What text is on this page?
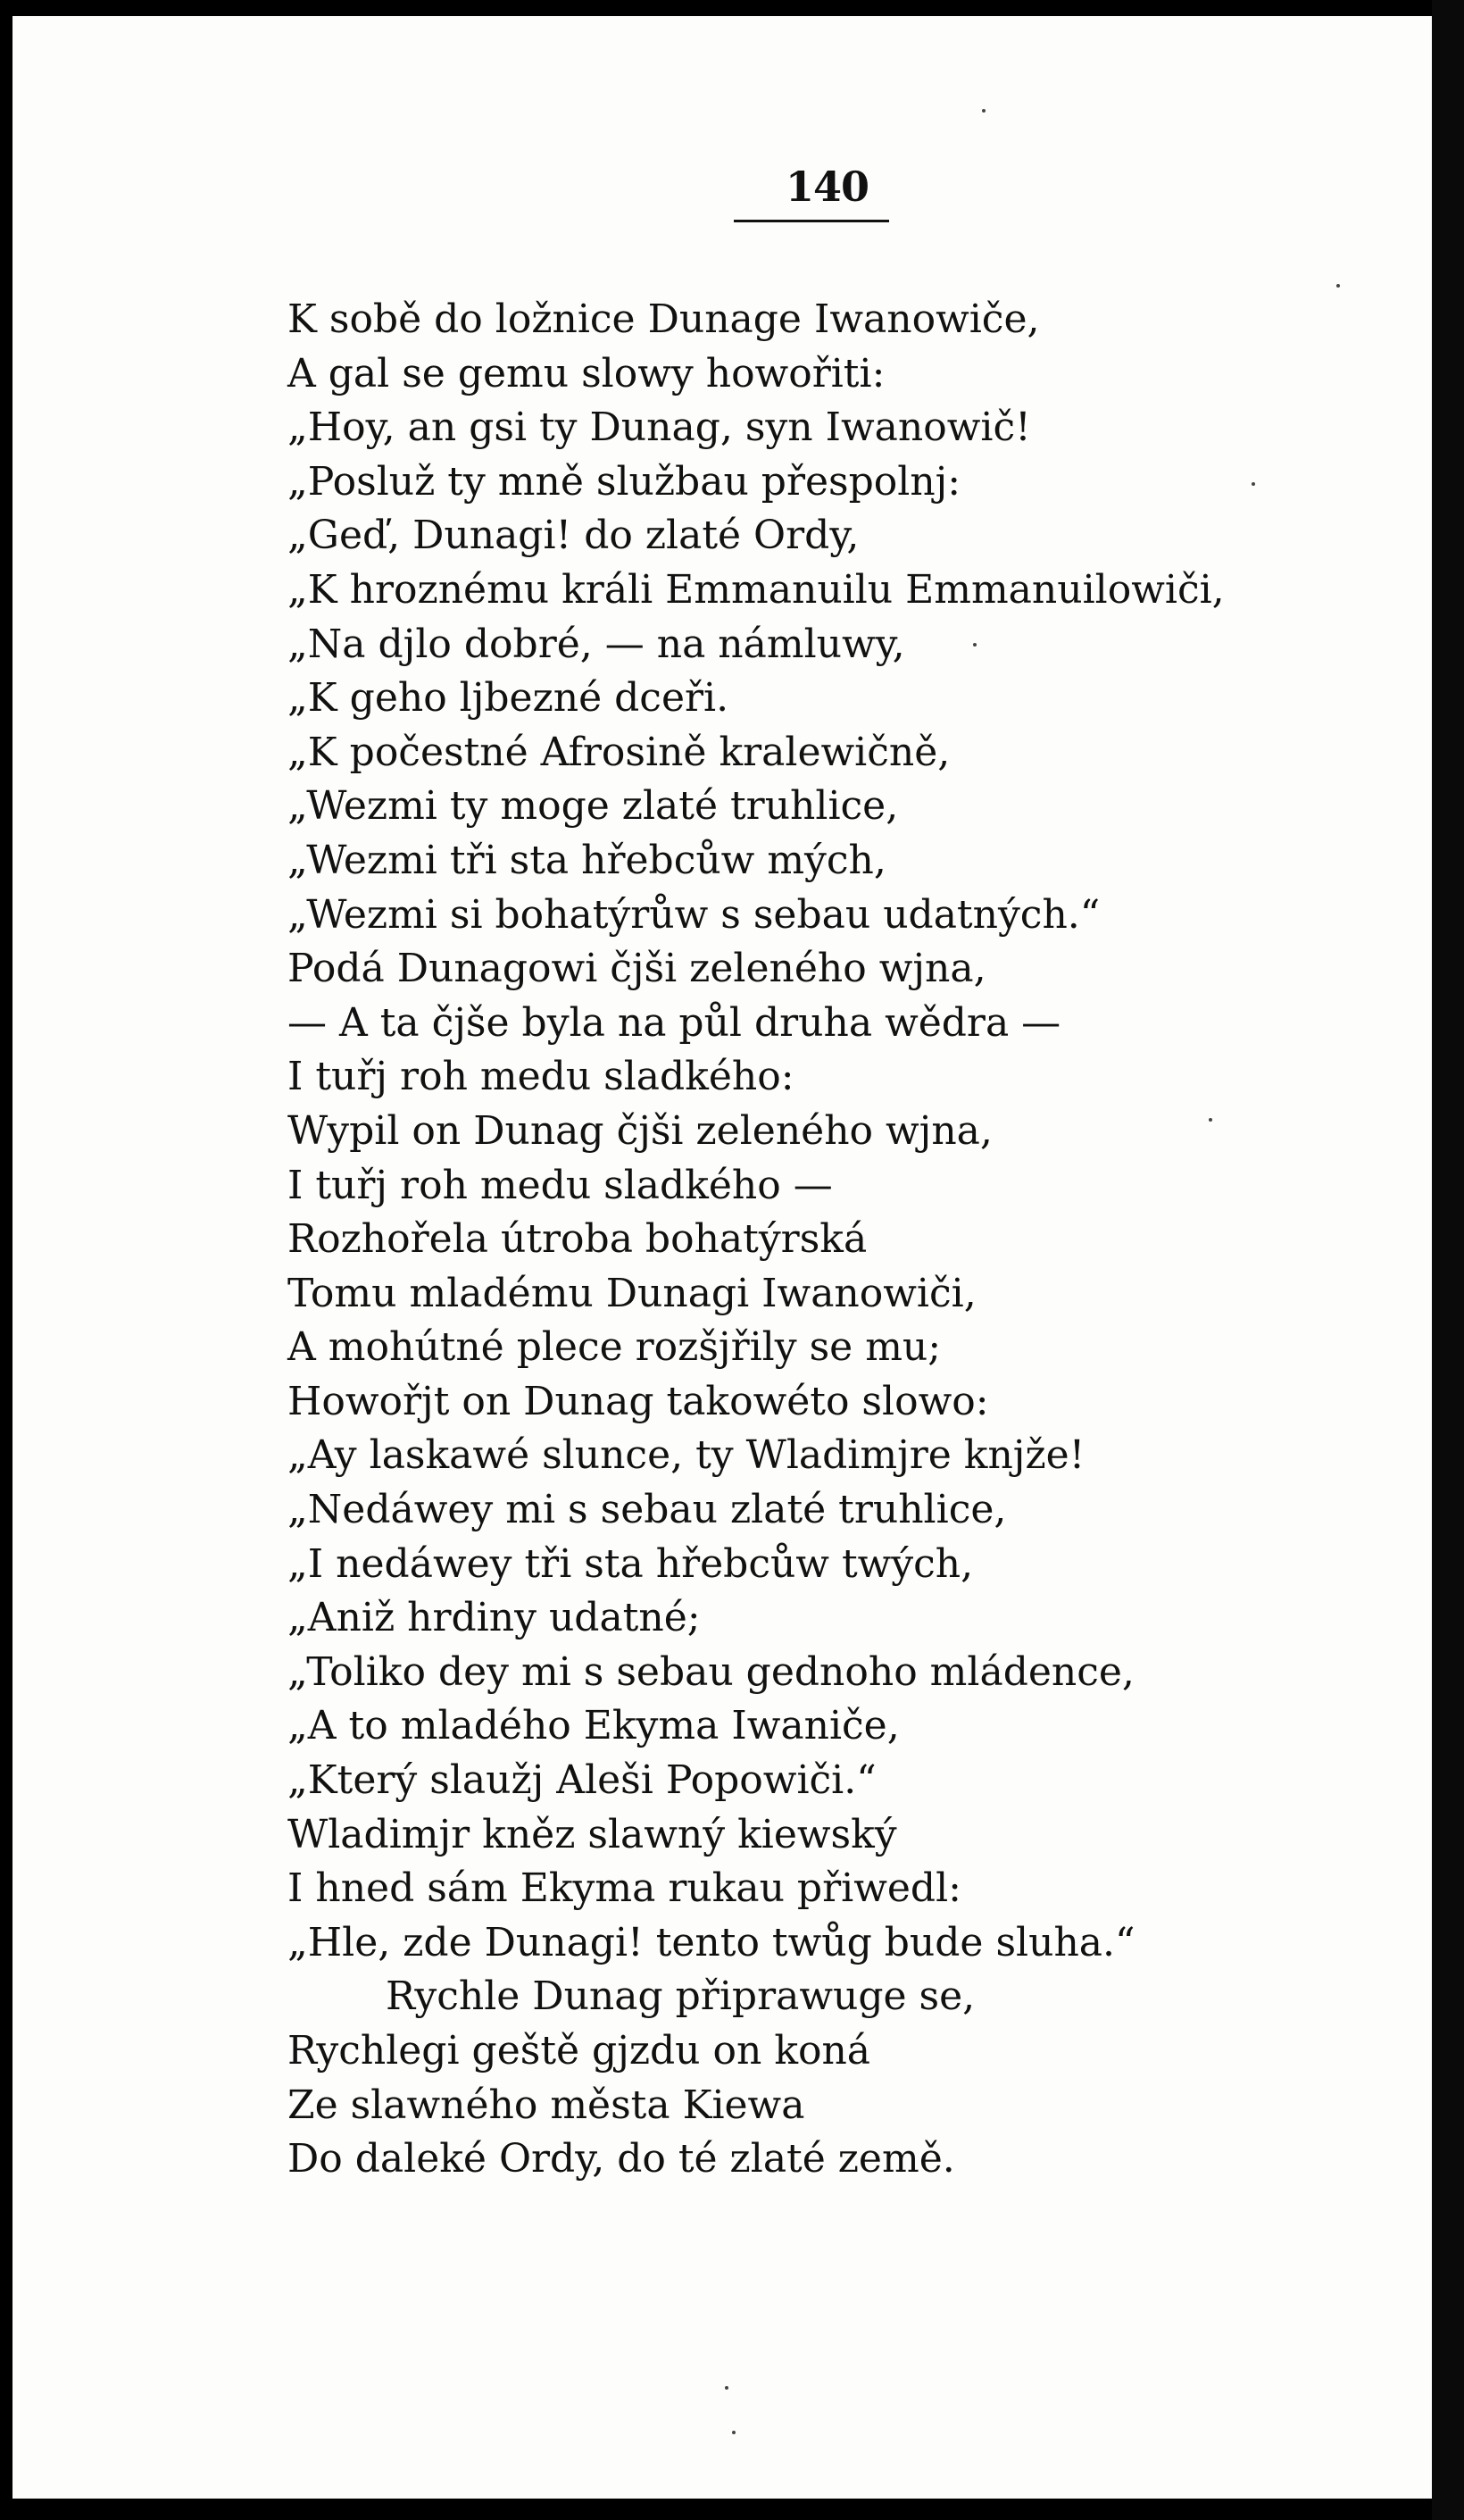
140
K sobě do ložnice Dunage Iwanowiče,
A gal se gemu slowy howořiti:
„Hoy, an gsi ty Dunag, syn Iwanowič!
„Posluž ty mně službau přespolnj:
„Geď, Dunagi! do zlaté Ordy,
„K hroznému králi Emmanuilu Emmanuilowiči,
„Na djlo dobré, — na námluwy,
„K geho ljbezné dceři.
„K počestné Afrosině kralewičně,
„Wezmi ty moge zlaté truhlice,
„Wezmi tři sta hřebcůw mých,
„Wezmi si bohatýrůw s sebau udatných.“
Podá Dunagowi čjši zeleného wjna,
— A ta čjše byla na půl druha wědra —
I tuřj roh medu sladkého:
Wypil on Dunag čjši zeleného wjna,
I tuřj roh medu sladkého —
Rozhořela útroba bohatýrská
Tomu mladému Dunagi Iwanowiči,
A mohútné plece rozšjřily se mu;
Howořjt on Dunag takowéto slowo:
„Ay laskawé slunce, ty Wladimjre knjže!
„Nedáwey mi s sebau zlaté truhlice,
„I nedáwey tři sta hřebcůw twých,
„Aniž hrdiny udatné;
„Toliko dey mi s sebau gednoho mládence,
„A to mladého Ekyma Iwaniče,
„Který slaužj Aleši Popowiči.“
Wladimjr kněz slawný kiewský
I hned sám Ekyma rukau přiwedl:
„Hle, zde Dunagi! tento twůg bude sluha.“
Rychle Dunag připrawuge se,
Rychlegi geště gjzdu on koná
Ze slawného města Kiewa
Do daleké Ordy, do té zlaté země.
